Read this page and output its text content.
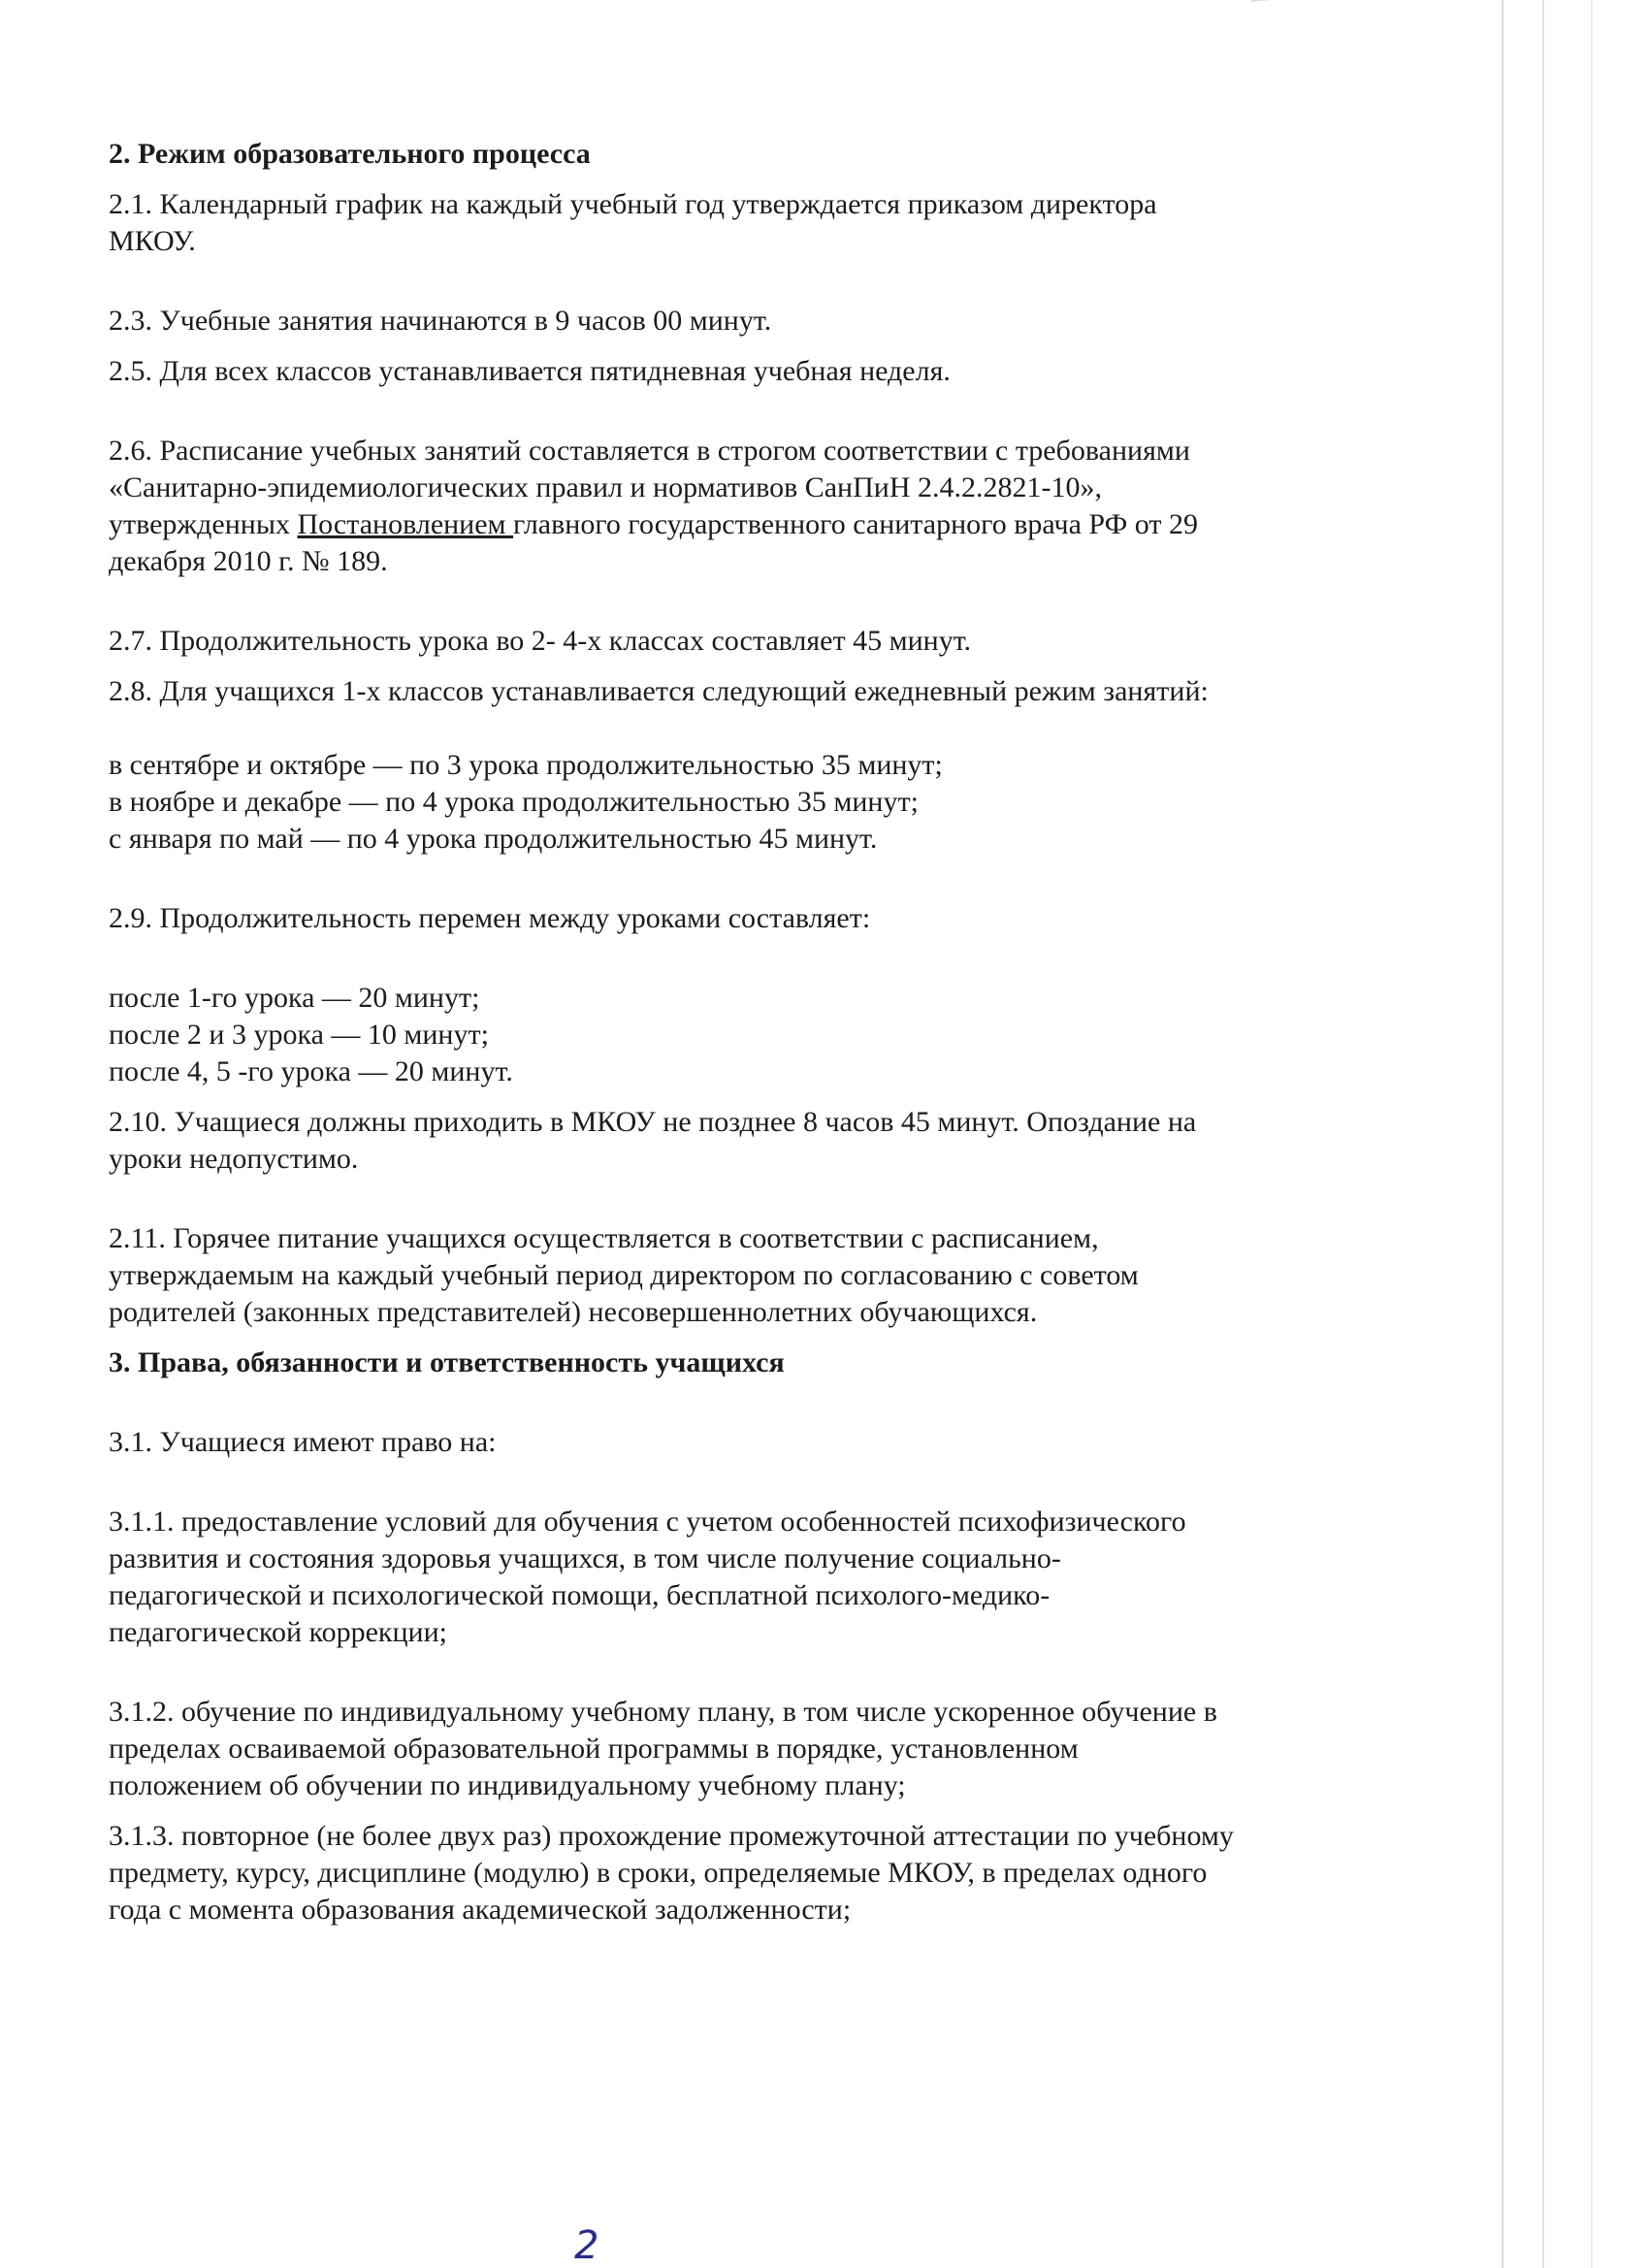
2. Режим образовательного процесса

2.1. Календарный график на каждый учебный год утверждается приказом директора
МКОУ.

2.3. Учебные занятия начинаются в 9 часов 00 минут.

2.5. Для всех классов устанавливается пятидневная учебная неделя.

2.6. Расписание учебных занятий составляется в строгом соответствии с требованиями
«Санитарно-эпидемиологических правил и нормативов СанПиН 2.4.2.2821-10»,
утвержденных Постановлением главного государственного санитарного врача РФ от 29
декабря 2010 г. № 189.

2.7. Продолжительность урока во 2- 4-х классах составляет 45 минут.

2.8. Для учащихся 1-х классов устанавливается следующий ежедневный режим занятий:

в сентябре и октябре — по 3 урока продолжительностью 35 минут;
в ноябре и декабре — по 4 урока продолжительностью 35 минут;
с января по май — по 4 урока продолжительностью 45 минут.

2.9. Продолжительность перемен между уроками составляет:

после 1-го урока — 20 минут;
после 2 и 3 урока — 10 минут;
после 4, 5 -го урока — 20 минут.

2.10. Учащиеся должны приходить в МКОУ не позднее 8 часов 45 минут. Опоздание на
уроки недопустимо.

2.11. Горячее питание учащихся осуществляется в соответствии с расписанием,
утверждаемым на каждый учебный период директором по согласованию с советом
родителей (законных представителей) несовершеннолетних обучающихся.

3. Права, обязанности и ответственность учащихся

3.1. Учащиеся имеют право на:

3.1.1. предоставление условий для обучения с учетом особенностей психофизического
развития и состояния здоровья учащихся, в том числе получение социально-
педагогической и психологической помощи, бесплатной психолого-медико-
педагогической коррекции;

3.1.2. обучение по индивидуальному учебному плану, в том числе ускоренное обучение в
пределах осваиваемой образовательной программы в порядке, установленном
положением об обучении по индивидуальному учебному плану;

3.1.3. повторное (не более двух раз) прохождение промежуточной аттестации по учебному
предмету, курсу, дисциплине (модулю) в сроки, определяемые МКОУ, в пределах одного
года с момента образования академической задолженности;

2
